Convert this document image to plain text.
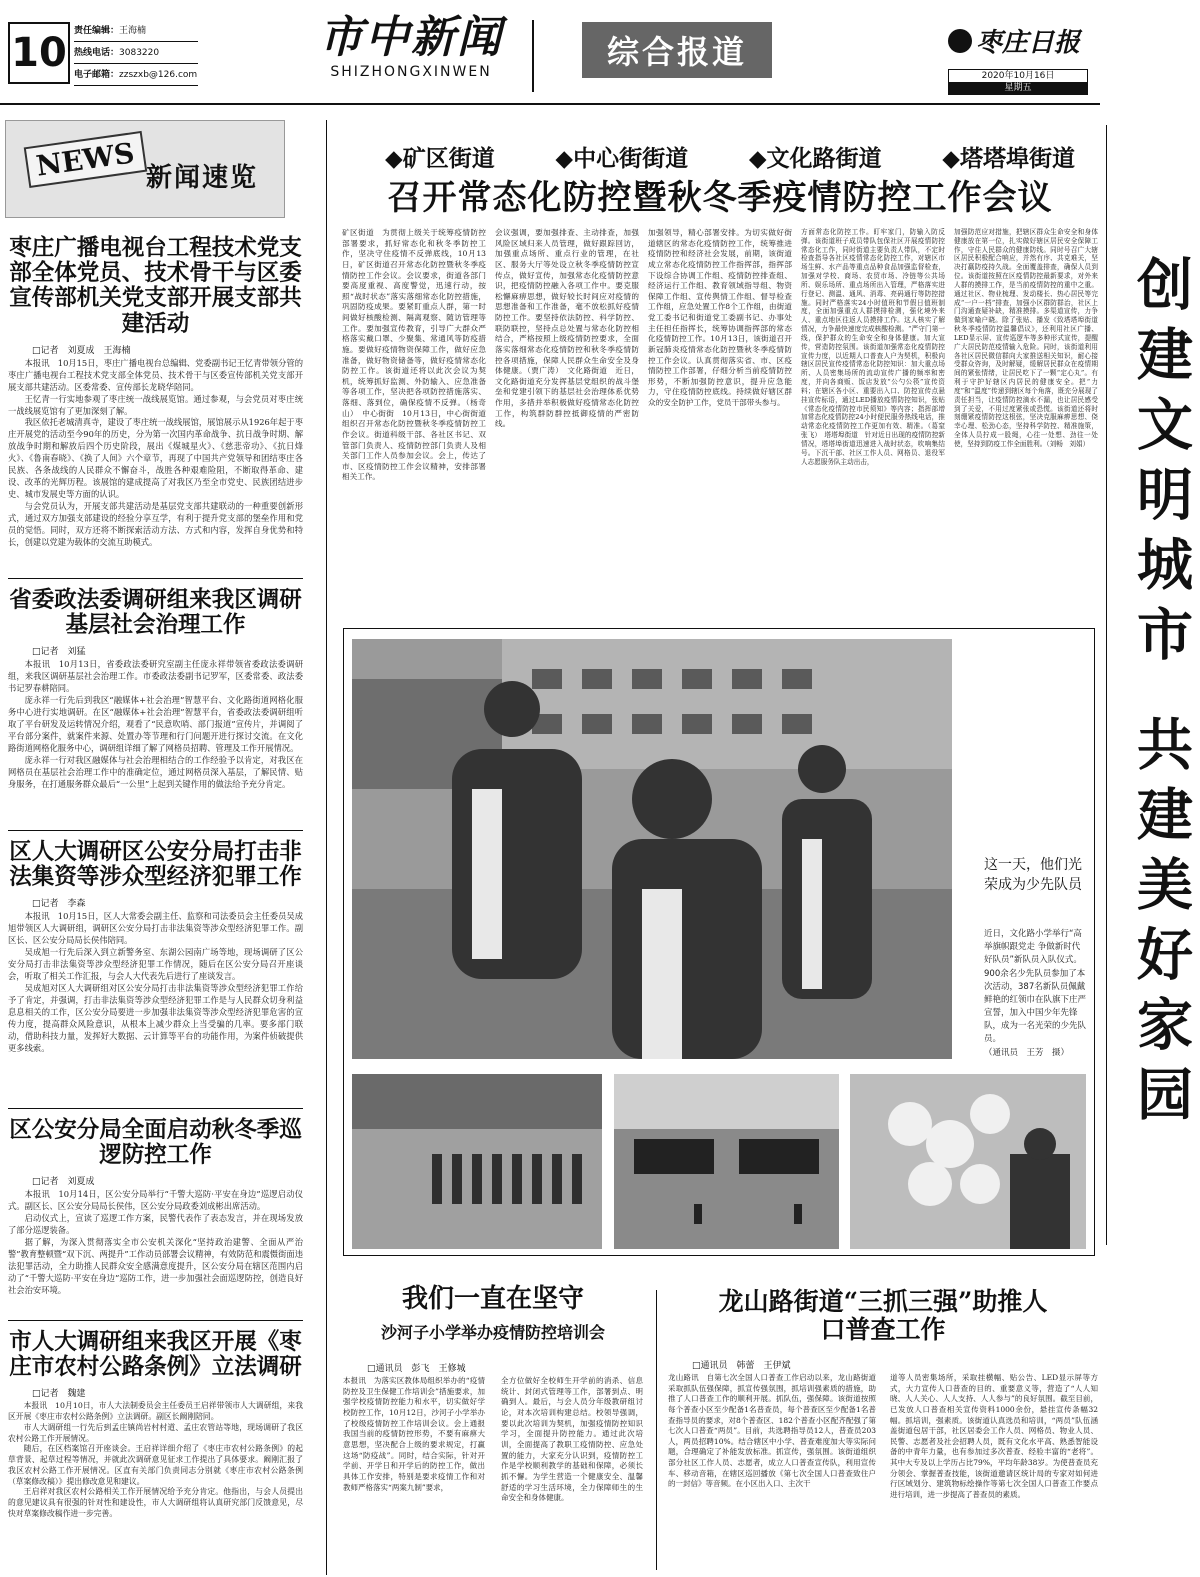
10 责任编辑：王海楠
热线电话：3083220
电子邮箱：zzszxb@126.com
市中新闻
SHIZHONGXINWEN
综合报道	枣庄日报
2020年10月16日
星期五
NEWS 新闻速览
枣庄广播电视台工程技术党支部全体党员、技术骨干与区委宣传部机关党支部开展支部共建活动
□记者　刘夏成　王海楠

本报讯　10月15日，枣庄广播电视台总编辑、党委副书记王忆青带领分管的枣庄广播电视台工程技术党支部全体党员、技术骨干与区委宣传部机关党支部开展支部共建活动。区委常委、宣传部长龙晓华陪同。

王忆青一行实地参观了枣庄统一战线展览馆。通过参观，与会党员对枣庄统一战线展览馆有了更加深刻了解。

我区依托老城清真寺，建设了枣庄统一战线展馆，展馆展示从1926年起于枣庄开展党的活动至今90年的历史，分为第一次国内革命战争、抗日战争时期、解放战争时期和解放后四个历史阶段，展出《煤城星火》、《慈悲帝功》、《抗日烽火》、《鲁南春晓》、《换了人间》六个章节，再现了中国共产党领导和团结枣庄各民族、各条战线的人民群众不懈奋斗，战胜各种艰难险阻，不断取得革命、建设、改革的光辉历程。该展馆的建成提高了对我区乃至全市党史、民族团结进步史、城市发展史等方面的认识。

与会党员认为，开展支部共建活动是基层党支部共建联动的一种重要创新形式，通过双方加强支部建设的经验分享互学，有利于提升党支部的堡垒作用和党员的觉悟。同时，双方还将不断探索活动方法、方式和内容，发挥自身优势和特长，创建以党建为载体的交流互助模式。

省委政法委调研组来我区调研基层社会治理工作
□记者　刘猛

本报讯　10月13日，省委政法委研究室副主任庞永祥带领省委政法委调研组，来我区调研基层社会治理工作。市委政法委副书记罗军，区委常委、政法委书记罗春耕陪同。

庞永祥一行先后到我区“融媒体+社会治理”智慧平台、文化路街道网格化服务中心进行实地调研。在区“融媒体+社会治理”智慧平台，省委政法委调研组听取了平台研发及运转情况介绍，观看了“民意吹哨、部门报道”宣传片，并调阅了平台部分案件，就案件来源、处置办等节理和行门问题开进行探讨交流。在文化路街道网格化服务中心，调研组详细了解了网格员招聘、管理及工作开展情况。

庞永祥一行对我区融媒体与社会治理相结合的工作经验予以肯定，对我区在网格员在基层社会治理工作中的准确定位，通过网格员深入基层，了解民情、贴身服务，在打通服务群众最后“一公里”上起到关键作用的做法给予充分肯定。

区人大调研区公安分局打击非法集资等涉众型经济犯罪工作
□记者　李森

本报讯　10月15日，区人大常委会副主任、监察和司法委员会主任委员吴成旭带领区人大调研组，调研区公安分局打击非法集资等涉众型经济犯罪工作。副区长、区公安分局局长侯伟陪同。

吴成旭一行先后深入到立新警务室、东湖公园南广场等地，现场调研了区公安分局打击非法集资等涉众型经济犯罪工作情况，随后在区公安分局召开座谈会，听取了相关工作汇报，与会人大代表先后进行了座谈发言。

吴成旭对区人大调研组对区公安分局打击非法集资等涉众型经济犯罪工作给予了肯定，并强调，打击非法集资等涉众型经济犯罪工作是与人民群众切身利益息息相关的工作，区公安分局要进一步加强非法集资等涉众型经济犯罪危害的宣传力度，提高群众风险意识，从根本上减少群众上当受骗的几率。要多部门联动，借助科技力量，发挥好大数据、云计算等平台的功能作用，为案件侦破提供更多线索。

区公安分局全面启动秋冬季巡逻防控工作
□记者　刘夏成

本报讯　10月14日，区公安分局举行“千警大巡防·平安在身边”巡逻启动仪式。副区长、区公安分局局长侯伟，区公安分局政委刘成彬出席活动。

启动仪式上，宣读了巡逻工作方案，民警代表作了表态发言，并在现场发放了部分巡逻装备。

据了解，为深入贯彻落实全市公安机关深化“坚持政治建警、全面从严治警”教育整顿暨“双下沉、两提升”工作动员部署会议精神，有效防范和震慑街面违法犯罪活动，全力助推人民群众安全感满意度提升，区公安分局在辖区范围内启动了“千警大巡防·平安在身边”巡防工作，进一步加强社会面巡逻防控，创造良好社会治安环境。

市人大调研组来我区开展《枣庄市农村公路条例》立法调研
□记者　魏建

本报讯　10月10日，市人大法制委员会主任委员王启祥带领市人大调研组，来我区开展《枣庄市农村公路条例》立法调研。副区长阚刚陪同。

市人大调研组一行先后到孟庄镇尚岩村村道、孟庄农管站等地，现场调研了我区农村公路工作开展情况。

随后，在区档案馆召开座谈会。王启祥详细介绍了《枣庄市农村公路条例》的起草背景、起草过程等情况，并就此次调研意见征求工作提出了具体要求。阚刚汇报了我区农村公路工作开展情况。区直有关部门负责同志分别就《枣庄市农村公路条例（草案修改稿）》提出修改意见和建议。

王启祥对我区农村公路相关工作开展情况给予充分肯定。他指出，与会人员提出的意见建议具有很强的针对性和建设性，市人大调研组将认真研究部门反馈意见，尽快对草案修改稿作进一步完善。

◆矿区街道	◆中心街街道	◆文化路街道	◆塔塔埠街道
召开常态化防控暨秋冬季疫情防控工作会议
矿区街道　为贯彻上级关于统筹疫情防控部署要求，抓好常态化和秋冬季防控工作，坚决守住疫情不反弹底线，10月13日，矿区街道召开常态化防控暨秋冬季疫情防控工作会议。会议要求，街道各部门要高度重视、高度警觉，迅速行动，按照“战时状态”落实落细常态化防控措施，巩固防疫成果。要紧盯重点人群，第一时间做好核酸检测、隔离观察、随访管理等工作。要加强宣传教育，引导广大群众严格落实戴口罩、少聚集、常通风等防疫措施。要做好疫情物资保障工作，做好应急准备，做好物资储备等，做好疫情常态化防控工作。该街道还将以此次会议为契机，统筹抓好监测、外防输入、应急准备等各项工作，坚决把各项防控措施落实、落细、落到位，确保疫情不反弹。（杨奇山）　中心街街　10月13日，中心街街道组织召开常态化防控暨秋冬季疫情防控工作会议。街道科级干部、各社区书记、双管部门负责人、疫情防控部门负责人及相关部门工作人员参加会议。会上，传达了市、区疫情防控工作会议精神，安排部署相关工作。
会议强调，要加强排查、主动排查，加强风险区域归来人员管理，做好跟踪回访，加强重点场所、重点行业的管理，在社区、服务大厅等处设立秋冬季疫情防控宣传点，做好宣传，加强常态化疫情防控意识，把疫情防控融入各项工作中。要克服松懈麻痹思想，做好较长时间应对疫情的思想准备和工作准备，毫不放松抓好疫情防控工作。要坚持依法防控、科学防控、联防联控，坚持点总处置与常态化防控相结合，严格按照上级疫情防控要求，全面落实落细常态化疫情防控和秋冬季疫情防控各项措施，保障人民群众生命安全及身体健康。（贾广涛）　文化路街道　近日，文化路街道充分发挥基层党组织的战斗堡垒和党建引领下的基层社会治理体系优势作用，多措并举积极做好疫情常态化防控工作，构筑群防群控抵御疫情的严密防线。
加强领导，精心部署安排。为切实做好街道辖区的常态化疫情防控工作，统筹推进疫情防控和经济社会发展，前期，该街道成立常态化疫情防控工作指挥部，指挥部下设综合协调工作组、疫情防控排查组、经济运行工作组、教育领域指导组、物资保障工作组、宣传舆情工作组、督导检查工作组，应急处置工作8个工作组，由街道党工委书记和街道党工委副书记、办事处主任担任指挥长，统筹协调指挥部的常态化疫情防控工作。10月13日，该街道召开新冠肺炎疫情常态化防控暨秋冬季疫情防控工作会议。认真贯彻落实省、市、区疫情防控工作部署，仔细分析当前疫情防控形势，不断加强防控意识，提升应急能力，守住疫情防控底线。持续做好辖区群众的安全防护工作，党员干部带头参与。
方面常态化防控工作。盯牢家门，防输入防反弹。该街道班子成员带队包保社区开展疫情防控常态化工作，同时街道主要负责人带队，不定时检查指导各社区疫情常态化防控工作，对辖区市场生鲜、水产品等重点品种食品加强监督检查，加强对学校、商场、农贸市场、冷链等公共场所、娱乐场所、重点场所出入管理，严格落实进行登记、测温、通风、消毒、亮码通行等防控措施。同时严格落实24小时值班和节假日值班制度，全面加强重点人群摸排检测，强化境外来人、重点地区往返人员摸排工作。这人核实了解情况，力争最快速度完成核酸检测。“严守门第一线，保护群众的生命安全和身体健康。加大宣传，营造防控氛围。该街道加强常态化疫情防控宣传力度，以近期人口普查人户为契机，积极向辖区居民宣传疫情常态化防控知识：加大重点场所、人员密集场所的流动宣传广播的频率和密度，并向各商贩、饭店发放“公勺公筷”宣传资料；在辖区各小区、重要出入口、防控宣传点悬挂宣传标语，通过LED播放疫情防控知识，张贴《常态化疫情防控市民须知》等内容；指挥部增加常态化疫情防控24小时便民服务热线电话，推动常态化疫情防控工作更加有效、精准。（葛窒　张飞）　塔塔埠街道　针对近日出现的疫情防控新情况，塔塔埠街道迅速进入战时状态，吹响集结号。下沉干部、社区工作人员、网格员、退役军人志愿服务队主动出击，
加强防范应对措施，把辖区群众生命安全和身体健康放在第一位，扎实做好辖区居民安全保障工作，守住人民群众的健康防线。同时号召广大辖区居民积极配合响应，并然有序、共克难关，坚决打赢防疫持久战。全面覆盖排查，确保人员到位。该街道按照在区疫情防控最新要求，对外来人群的摸排工作，是当前疫情防控的重中之重。通过社区、物业梳理、发动楼长、热心居民等完成“一户一档”排查，加强小区群防群治，社区上门沟通查疑补缺，精准摸排。多渠道宣传，力争做到家喻户晓。除了张贴、播发《致塔塔埠街道秋冬季疫情防控温馨倡议》，还利用社区广播、LED显示屏、宣传巡逻车等多种形式宣传，提醒广大居民防范疫情输入危险。同时，该街道利用各社区居民微信群向大家推送相关知识，耐心接受群众咨询，及时解疑，缓解居民群众在疫情期间的紧张情绪，让居民吃下了一颗“定心丸”。有利于守护好辖区内居民的健康安全。把“力度”和“温度”传递到辖区每个角落，既充分展现了责任担当，让疫情防控滴水不漏，也让居民感受到了关爱，不用过度紧张或恐慌。该街道还将时刻绷紧疫情防控这根弦，坚决克服麻痹思想、侥幸心理、松劲心态，坚持科学防控、精准施策，全体人员拧成一股绳，心往一处想、劲往一处使，坚持到防疫工作全面胜利。（刘畅　刘娟） 创建文明城市
共建美好家园
这一天，他们光荣成为少先队员
近日，文化路小学举行“高举旗帜跟党走 争做新时代好队员”新队员入队仪式。900余名少先队员参加了本次活动，387名新队员佩戴鲜艳的红领巾在队旗下庄严宣誓，加入中国少年先锋队，成为一名光荣的少先队员。
（通讯员　王芳　摄）
我们一直在坚守
沙河子小学举办疫情防控培训会
□通讯员　彭飞　王修城
本报讯　为落实区教体局组织举办的“疫情防控及卫生保健工作培训会”措施要求，加强学校疫情防控能力和水平，切实做好学校防控工作，10月12日，沙河子小学举办了校级疫情防控工作培训会议。会上通报我国当前的疫情防控形势，不要有麻痹大意思想，坚决配合上级的要求规定，打赢这场“防疫战”。同时，结合实际，针对开学前、开学日和开学后的防控工作，做出具体工作安排，特别是要求疫情工作和对教师严格落实“两案九制”要求，
全方位做好全校师生开学前的消杀、信息统计、封闭式管理等工作，部署到点、明确到人。最后，与会人员分年级教研组讨论，对本次培训构建总结。校领导强调，要以此次培训为契机，加强疫情防控知识学习，全面提升防控能力。通过此次培训，全面提高了教职工疫情防控、应急处置的能力，大家充分认识到，疫情防控工作是学校顺利教学的基础和保障，必须长抓不懈。为学生营造一个健康安全、温馨舒适的学习生活环境，全力保障师生的生命安全和身体健康。
龙山路街道“三抓三强”助推人口普查工作
□通讯员　韩蕾　王伊斌
龙山路讯　自第七次全国人口普查工作启动以来，龙山路街道采取抓队伍强保障，抓宣传强氛围，抓培训强素质的措施，助推了人口普查工作的顺利开展。抓队伍，强保障。该街道按照每个普查小区至少配备1名普查员，每个普查区至少配备1名普查指导员的要求，对8个普查区、182个普查小区配齐配强了第七次人口普查“两员”。目前，共选聘指导员12人，普查员203人，两员招聘10%。结合辖区中小学、普查难度加大等实际问题，合理确定了补能发放标准。抓宣传，强氛围。该街道组织部分社区工作人员、志愿者，成立人口普查宣传队，利用宣传车、移动音箱，在辖区巡回播放《第七次全国人口普查致住户的一封信》等音频。在小区出入口、主次干
道等人员密集场所，采取挂横幅、贴公告、LED显示屏等方式，大力宣传人口普查的目的、重要意义等，营造了“人人知晓、人人关心、人人支持、人人参与”的良好氛围。截至目前，已发放人口普查相关宣传资料1000余份，悬挂宣传条幅32幅。抓培训，强素质。该街道认真选员和培训，“两员”队伍涵盖街道包居干部，社区居委会工作人员、网格员、物业人员、民警、志愿者及社会招聘人员，既有文化水平高、熟悉智能设备的中青年力量，也有参加过多次普查、经验丰富的“老将”。其中大专及以上学历占比79%，平均年龄38岁。为使普查员充分领会、掌握普查技能，该街道邀请区统计局的专家对如何进行区域划分、建筑物标绘操作等第七次全国人口普查工作要点进行培训，进一步提高了普查员的素质。
